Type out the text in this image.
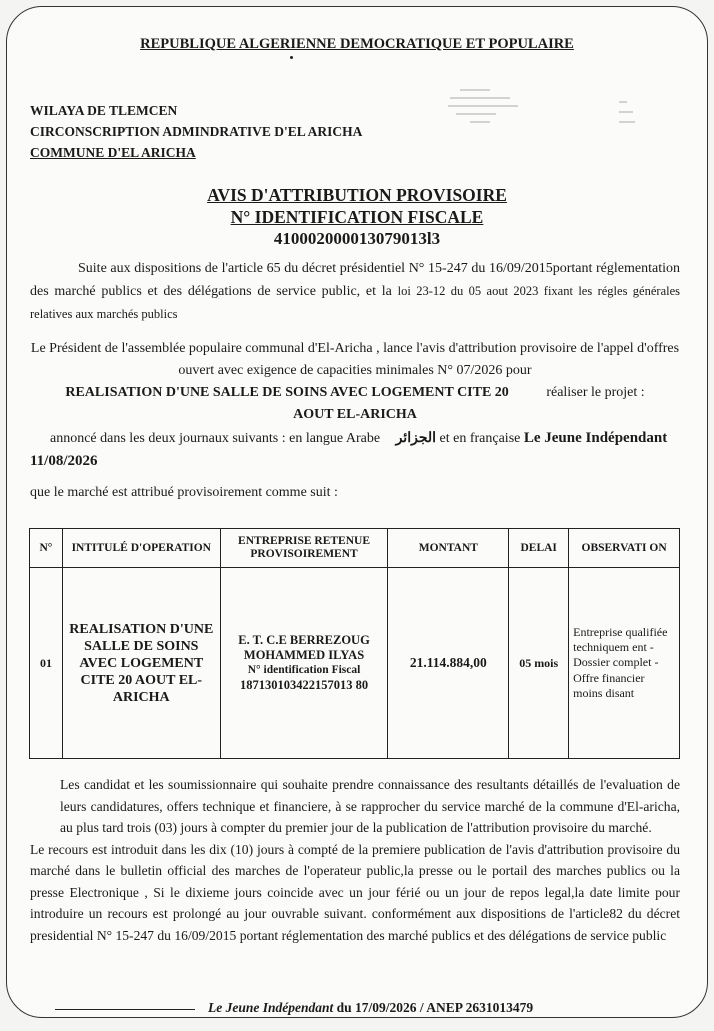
REPUBLIQUE ALGERIENNE DEMOCRATIQUE ET POPULAIRE
WILAYA DE TLEMCEN
CIRCONSCRIPTION ADMINDRATIVE D'EL ARICHA
COMMUNE D'EL ARICHA
AVIS D'ATTRIBUTION PROVISOIRE
N° IDENTIFICATION FISCALE
410002000013079013l3
Suite aux dispositions de l'article 65 du décret présidentiel N° 15-247 du 16/09/2015portant réglementation des marché publics et des délégations de service public, et la loi 23-12 du 05 aout 2023 fixant les régles générales relatives aux marchés publics
Le Président de l'assemblée populaire communal d'El-Aricha , lance l'avis d'attribution provisoire de l'appel d'offres ouvert avec exigence de capacities minimales N° 07/2026 pour
REALISATION D'UNE SALLE DE SOINS AVEC LOGEMENT CITE 20	réaliser le projet :
AOUT EL-ARICHA
annoncé dans les deux journaux suivants : en langue Arabe الجزائر et en française Le Jeune Indépendant 11/08/2026
que le marché est attribué provisoirement comme suit :
N°	INTITULÉ D'OPERATION	ENTREPRISE RETENUE PROVISOIREMENT	MONTANT	DELAI	OBSERVATI ON
01	REALISATION D'UNE SALLE DE SOINS AVEC LOGEMENT CITE 20 AOUT EL-ARICHA	E. T. C.E BERREZOUG MOHAMMED ILYAS
N° identification Fiscal
187130103422157013 80	21.114.884,00	05 mois	Entreprise qualifiée techniquem ent -Dossier complet -Offre financier moins disant
Les candidat et les soumissionnaire qui souhaite prendre connaissance des resultants détaillés de l'evaluation de leurs candidatures, offers technique et financiere, à se rapprocher du service marché de la commune d'El-aricha, au plus tard trois (03) jours à compter du premier jour de la publication de l'attribution provisoire du marché.
Le recours est introduit dans les dix (10) jours à compté de la premiere publication de l'avis d'attribution provisoire du marché dans le bulletin official des marches de l'operateur public,la presse ou le portail des marches publics ou la presse Electronique , Si le dixieme jours coincide avec un jour férié ou un jour de repos legal,la date limite pour introduire un recours est prolongé au jour ouvrable suivant. conformément aux dispositions de l'article82 du décret presidential N° 15-247 du 16/09/2015 portant réglementation des marché publics et des délégations de service public
Le Jeune Indépendant du 17/09/2026 / ANEP 2631013479
